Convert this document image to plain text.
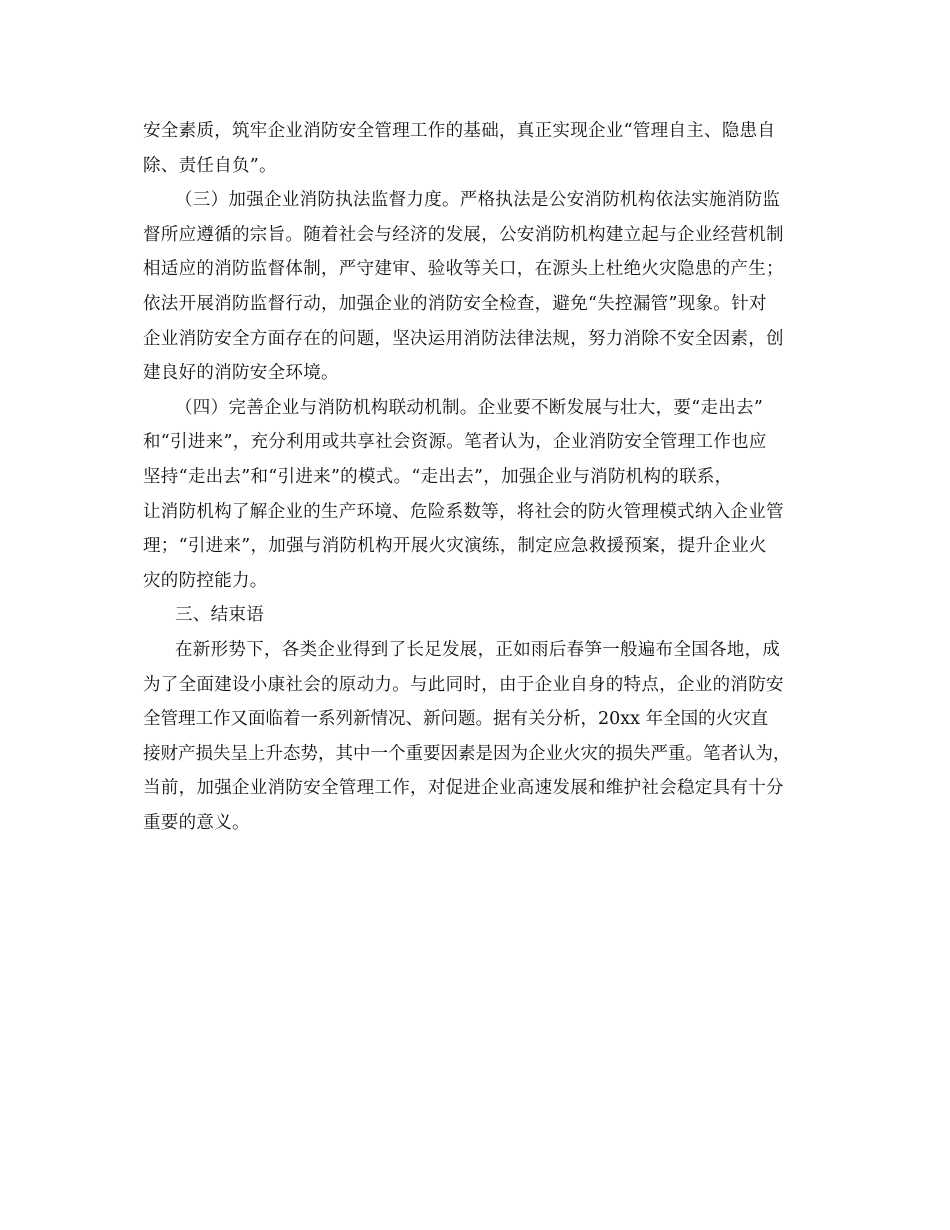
安全素质，筑牢企业消防安全管理工作的基础，真正实现企业“管理自主、隐患自
除、责任自负”。
（三）加强企业消防执法监督力度。严格执法是公安消防机构依法实施消防监
督所应遵循的宗旨。随着社会与经济的发展，公安消防机构建立起与企业经营机制
相适应的消防监督体制，严守建审、验收等关口，在源头上杜绝火灾隐患的产生；
依法开展消防监督行动，加强企业的消防安全检查，避免“失控漏管”现象。针对
企业消防安全方面存在的问题，坚决运用消防法律法规，努力消除不安全因素，创
建良好的消防安全环境。
（四）完善企业与消防机构联动机制。企业要不断发展与壮大，要“走出去”
和“引进来”，充分利用或共享社会资源。笔者认为，企业消防安全管理工作也应
坚持“走出去”和“引进来”的模式。“走出去”，加强企业与消防机构的联系，
让消防机构了解企业的生产环境、危险系数等，将社会的防火管理模式纳入企业管
理；“引进来”，加强与消防机构开展火灾演练，制定应急救援预案，提升企业火
灾的防控能力。
三、结束语
在新形势下，各类企业得到了长足发展，正如雨后春笋一般遍布全国各地，成
为了全面建设小康社会的原动力。与此同时，由于企业自身的特点，企业的消防安
全管理工作又面临着一系列新情况、新问题。据有关分析，20xx 年全国的火灾直
接财产损失呈上升态势，其中一个重要因素是因为企业火灾的损失严重。笔者认为，
当前，加强企业消防安全管理工作，对促进企业高速发展和维护社会稳定具有十分
重要的意义。
